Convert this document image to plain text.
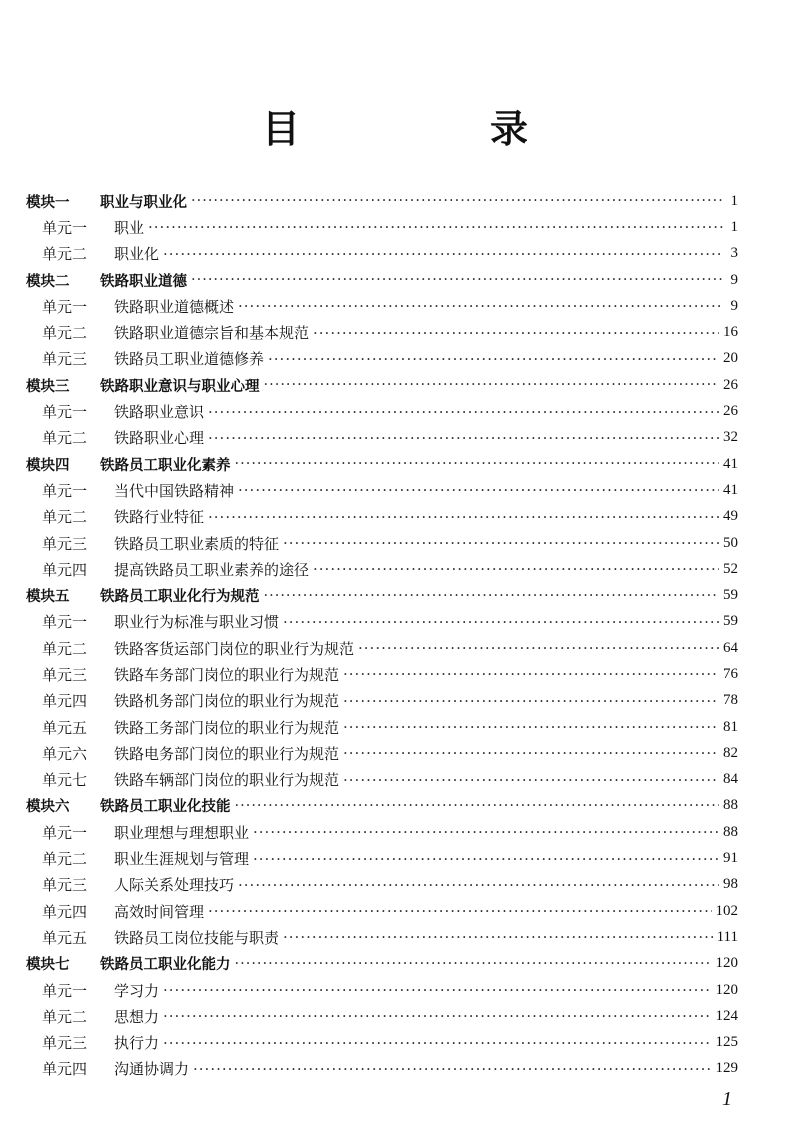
目　录
模块一	职业与职业化 ·····	1
单元一	职业 ·····	1
单元二	职业化 ·····	3
模块二	铁路职业道德 ·····	9
单元一	铁路职业道德概述 ·····	9
单元二	铁路职业道德宗旨和基本规范 ·····	16
单元三	铁路员工职业道德修养 ·····	20
模块三	铁路职业意识与职业心理 ·····	26
单元一	铁路职业意识 ·····	26
单元二	铁路职业心理 ·····	32
模块四	铁路员工职业化素养 ·····	41
单元一	当代中国铁路精神 ·····	41
单元二	铁路行业特征 ·····	49
单元三	铁路员工职业素质的特征 ·····	50
单元四	提高铁路员工职业素养的途径 ·····	52
模块五	铁路员工职业化行为规范 ·····	59
单元一	职业行为标准与职业习惯 ·····	59
单元二	铁路客货运部门岗位的职业行为规范 ·····	64
单元三	铁路车务部门岗位的职业行为规范 ·····	76
单元四	铁路机务部门岗位的职业行为规范 ·····	78
单元五	铁路工务部门岗位的职业行为规范 ·····	81
单元六	铁路电务部门岗位的职业行为规范 ·····	82
单元七	铁路车辆部门岗位的职业行为规范 ·····	84
模块六	铁路员工职业化技能 ·····	88
单元一	职业理想与理想职业 ·····	88
单元二	职业生涯规划与管理 ·····	91
单元三	人际关系处理技巧 ·····	98
单元四	高效时间管理 ·····	102
单元五	铁路员工岗位技能与职责 ·····	111
模块七	铁路员工职业化能力 ·····	120
单元一	学习力 ·····	120
单元二	思想力 ·····	124
单元三	执行力 ·····	125
单元四	沟通协调力 ·····	129
1
